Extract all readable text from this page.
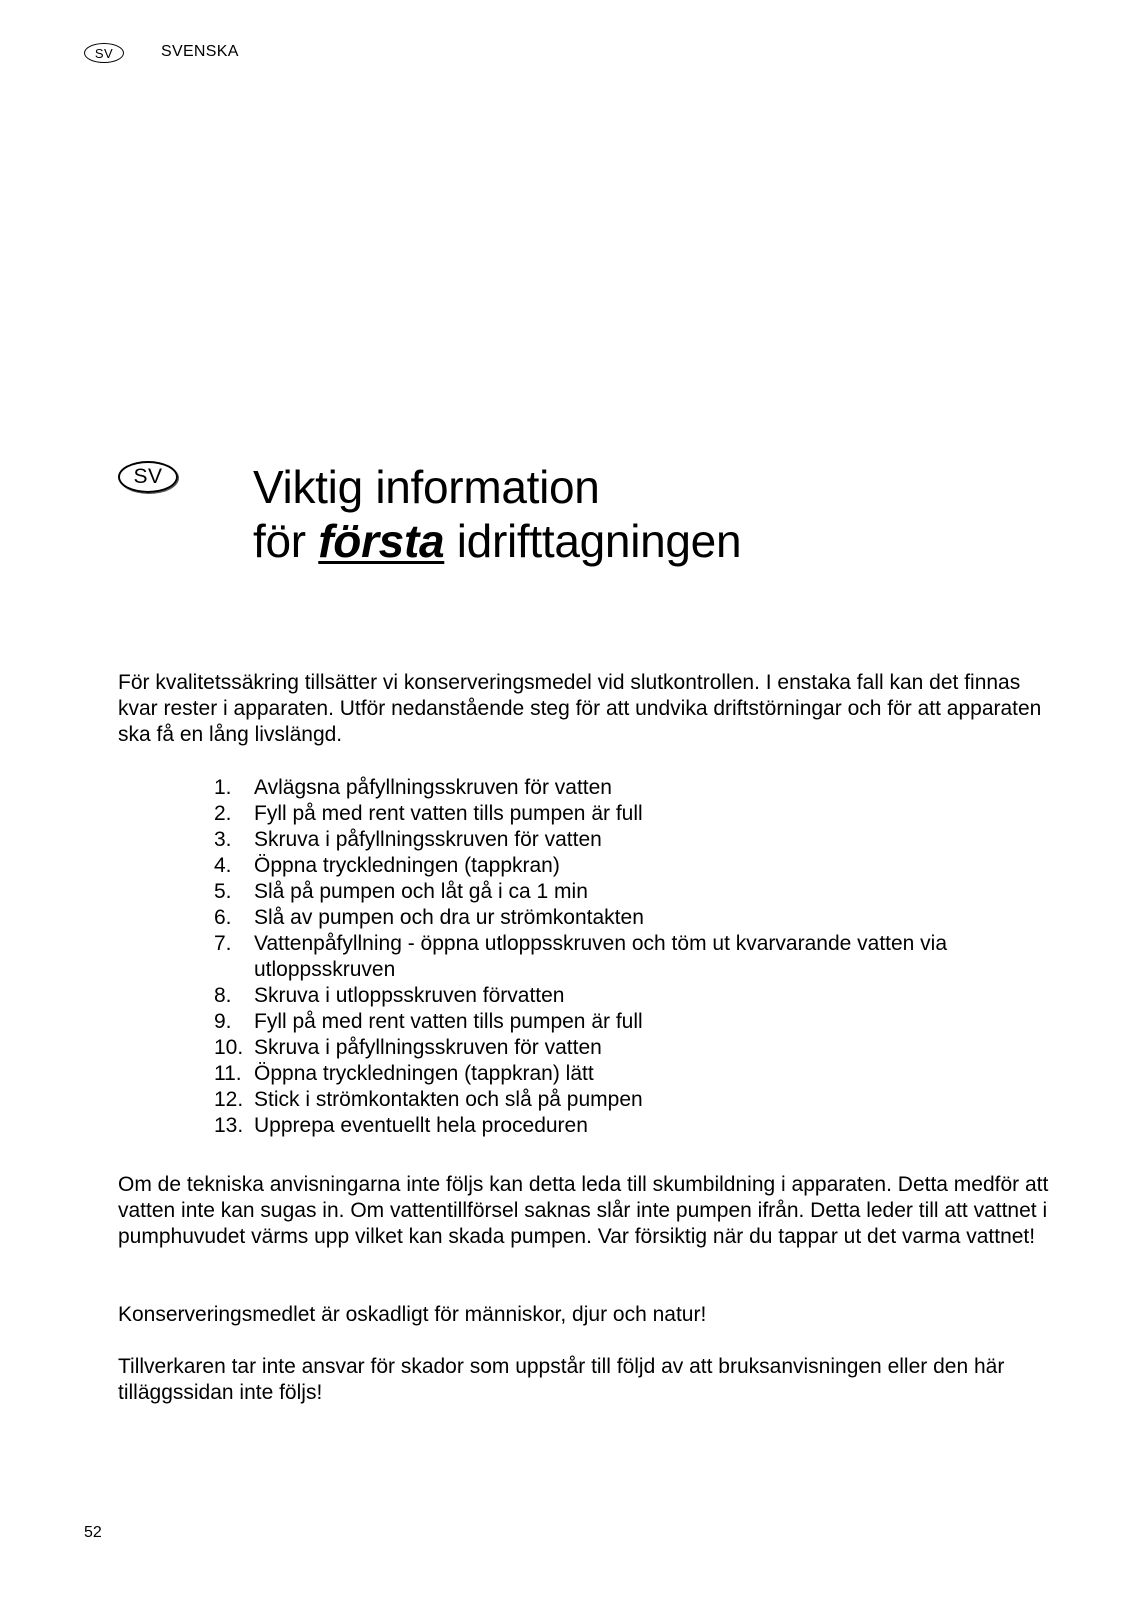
SV	SVENSKA
SV	Viktig information
för första idrifttagningen

För kvalitetssäkring tillsätter vi konserveringsmedel vid slutkontrollen. I enstaka fall kan det finnas kvar rester i apparaten. Utför nedanstående steg för att undvika driftstörningar och för att apparaten ska få en lång livslängd.

1.	Avlägsna påfyllningsskruven för vatten
2.	Fyll på med rent vatten tills pumpen är full
3.	Skruva i påfyllningsskruven för vatten
4.	Öppna tryckledningen (tappkran)
5.	Slå på pumpen och låt gå i ca 1 min
6.	Slå av pumpen och dra ur strömkontakten
7.	Vattenpåfyllning - öppna utloppsskruven och töm ut kvarvarande vatten via utloppsskruven
8.	Skruva i utloppsskruven förvatten
9.	Fyll på med rent vatten tills pumpen är full
10. Skruva i påfyllningsskruven för vatten
11. Öppna tryckledningen (tappkran) lätt
12. Stick i strömkontakten och slå på pumpen
13. Upprepa eventuellt hela proceduren

Om de tekniska anvisningarna inte följs kan detta leda till skumbildning i apparaten. Detta medför att vatten inte kan sugas in. Om vattentillförsel saknas slår inte pumpen ifrån. Detta leder till att vattnet i pumphuvudet värms upp vilket kan skada pumpen. Var försiktig när du tappar ut det varma vattnet!

Konserveringsmedlet är oskadligt för människor, djur och natur!

Tillverkaren tar inte ansvar för skador som uppstår till följd av att bruksanvisningen eller den här tilläggssidan inte följs!

52
